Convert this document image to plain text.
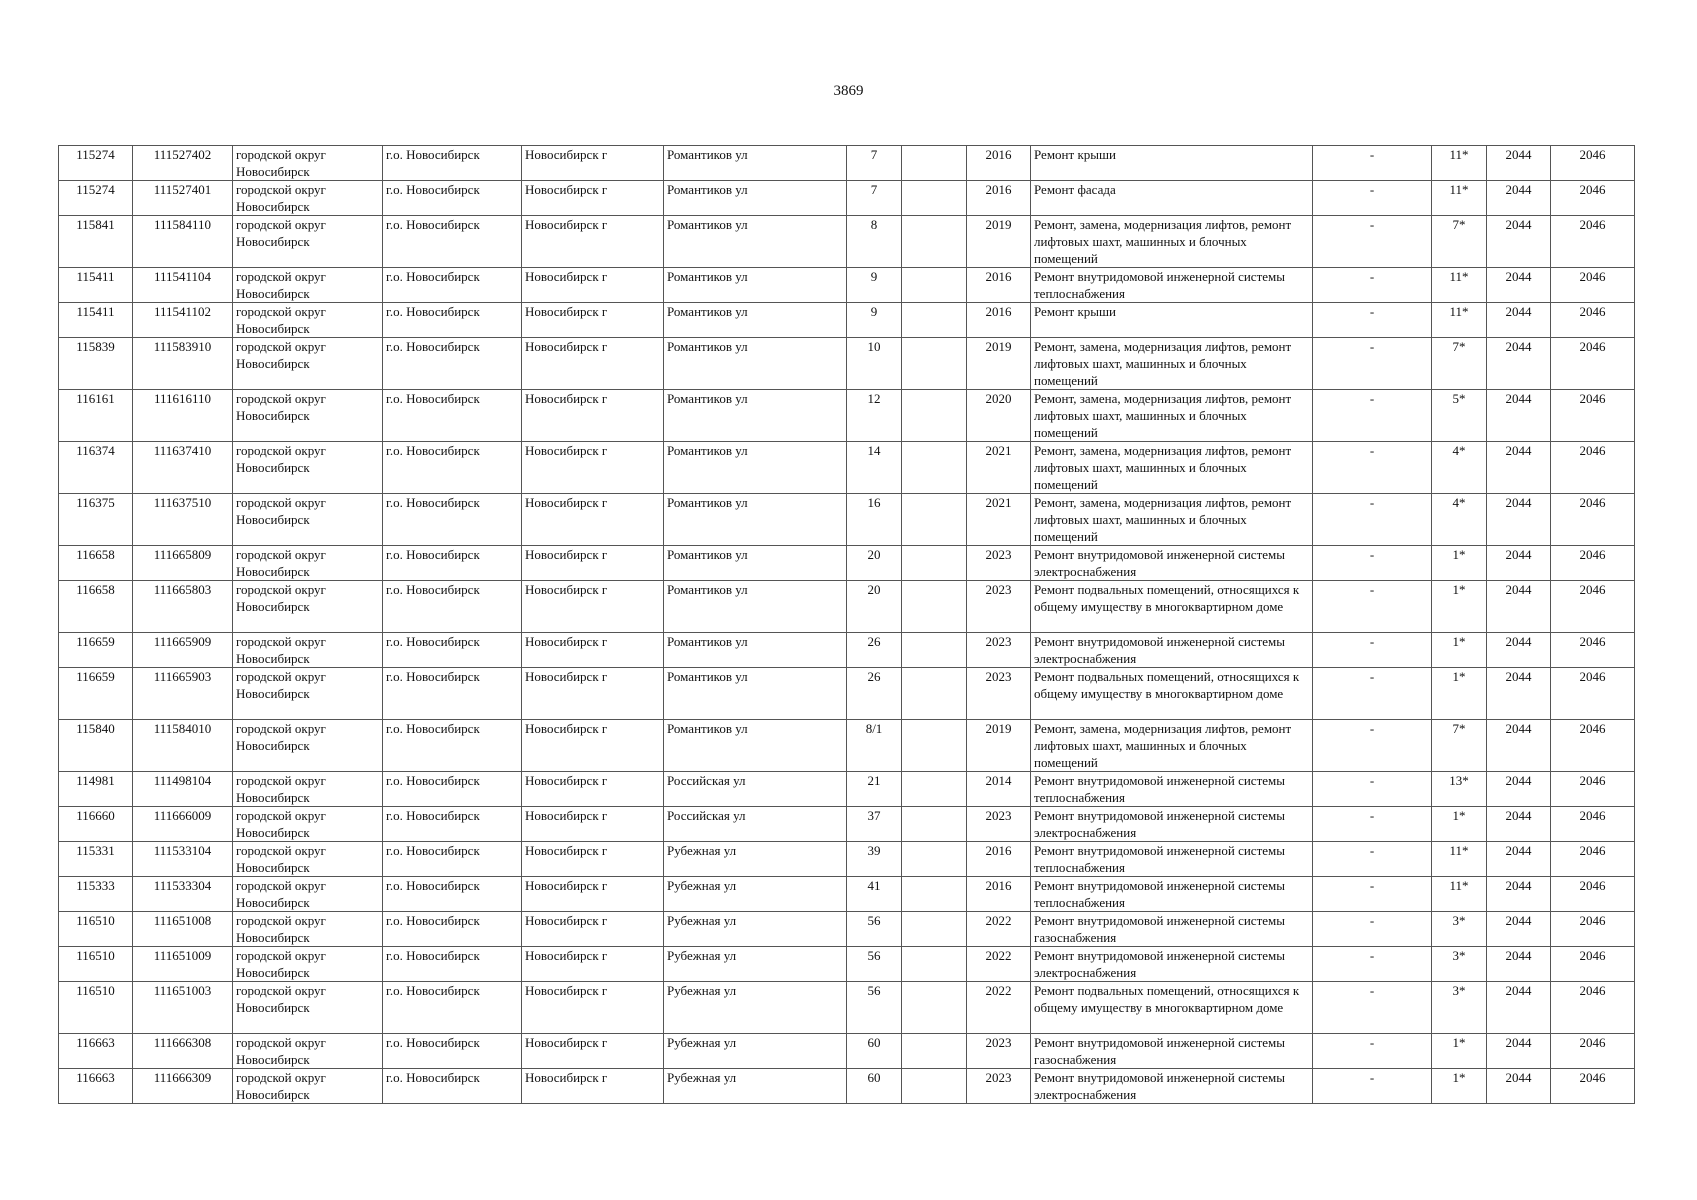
3869
115274	111527402	городской округ Новосибирск	г.о. Новосибирск	Новосибирск г	Романтиков ул	7		2016	Ремонт крыши	-	11*	2044	2046
115274	111527401	городской округ Новосибирск	г.о. Новосибирск	Новосибирск г	Романтиков ул	7		2016	Ремонт фасада	-	11*	2044	2046
115841	111584110	городской округ Новосибирск	г.о. Новосибирск	Новосибирск г	Романтиков ул	8		2019	Ремонт, замена, модернизация лифтов, ремонт лифтовых шахт, машинных и блочных помещений	-	7*	2044	2046
115411	111541104	городской округ Новосибирск	г.о. Новосибирск	Новосибирск г	Романтиков ул	9		2016	Ремонт внутридомовой инженерной системы теплоснабжения	-	11*	2044	2046
115411	111541102	городской округ Новосибирск	г.о. Новосибирск	Новосибирск г	Романтиков ул	9		2016	Ремонт крыши	-	11*	2044	2046
115839	111583910	городской округ Новосибирск	г.о. Новосибирск	Новосибирск г	Романтиков ул	10		2019	Ремонт, замена, модернизация лифтов, ремонт лифтовых шахт, машинных и блочных помещений	-	7*	2044	2046
116161	111616110	городской округ Новосибирск	г.о. Новосибирск	Новосибирск г	Романтиков ул	12		2020	Ремонт, замена, модернизация лифтов, ремонт лифтовых шахт, машинных и блочных помещений	-	5*	2044	2046
116374	111637410	городской округ Новосибирск	г.о. Новосибирск	Новосибирск г	Романтиков ул	14		2021	Ремонт, замена, модернизация лифтов, ремонт лифтовых шахт, машинных и блочных помещений	-	4*	2044	2046
116375	111637510	городской округ Новосибирск	г.о. Новосибирск	Новосибирск г	Романтиков ул	16		2021	Ремонт, замена, модернизация лифтов, ремонт лифтовых шахт, машинных и блочных помещений	-	4*	2044	2046
116658	111665809	городской округ Новосибирск	г.о. Новосибирск	Новосибирск г	Романтиков ул	20		2023	Ремонт внутридомовой инженерной системы электроснабжения	-	1*	2044	2046
116658	111665803	городской округ Новосибирск	г.о. Новосибирск	Новосибирск г	Романтиков ул	20		2023	Ремонт подвальных помещений, относящихся к общему имуществу в многоквартирном доме	-	1*	2044	2046
116659	111665909	городской округ Новосибирск	г.о. Новосибирск	Новосибирск г	Романтиков ул	26		2023	Ремонт внутридомовой инженерной системы электроснабжения	-	1*	2044	2046
116659	111665903	городской округ Новосибирск	г.о. Новосибирск	Новосибирск г	Романтиков ул	26		2023	Ремонт подвальных помещений, относящихся к общему имуществу в многоквартирном доме	-	1*	2044	2046
115840	111584010	городской округ Новосибирск	г.о. Новосибирск	Новосибирск г	Романтиков ул	8/1		2019	Ремонт, замена, модернизация лифтов, ремонт лифтовых шахт, машинных и блочных помещений	-	7*	2044	2046
114981	111498104	городской округ Новосибирск	г.о. Новосибирск	Новосибирск г	Российская ул	21		2014	Ремонт внутридомовой инженерной системы теплоснабжения	-	13*	2044	2046
116660	111666009	городской округ Новосибирск	г.о. Новосибирск	Новосибирск г	Российская ул	37		2023	Ремонт внутридомовой инженерной системы электроснабжения	-	1*	2044	2046
115331	111533104	городской округ Новосибирск	г.о. Новосибирск	Новосибирск г	Рубежная ул	39		2016	Ремонт внутридомовой инженерной системы теплоснабжения	-	11*	2044	2046
115333	111533304	городской округ Новосибирск	г.о. Новосибирск	Новосибирск г	Рубежная ул	41		2016	Ремонт внутридомовой инженерной системы теплоснабжения	-	11*	2044	2046
116510	111651008	городской округ Новосибирск	г.о. Новосибирск	Новосибирск г	Рубежная ул	56		2022	Ремонт внутридомовой инженерной системы газоснабжения	-	3*	2044	2046
116510	111651009	городской округ Новосибирск	г.о. Новосибирск	Новосибирск г	Рубежная ул	56		2022	Ремонт внутридомовой инженерной системы электроснабжения	-	3*	2044	2046
116510	111651003	городской округ Новосибирск	г.о. Новосибирск	Новосибирск г	Рубежная ул	56		2022	Ремонт подвальных помещений, относящихся к общему имуществу в многоквартирном доме	-	3*	2044	2046
116663	111666308	городской округ Новосибирск	г.о. Новосибирск	Новосибирск г	Рубежная ул	60		2023	Ремонт внутридомовой инженерной системы газоснабжения	-	1*	2044	2046
116663	111666309	городской округ Новосибирск	г.о. Новосибирск	Новосибирск г	Рубежная ул	60		2023	Ремонт внутридомовой инженерной системы электроснабжения	-	1*	2044	2046
